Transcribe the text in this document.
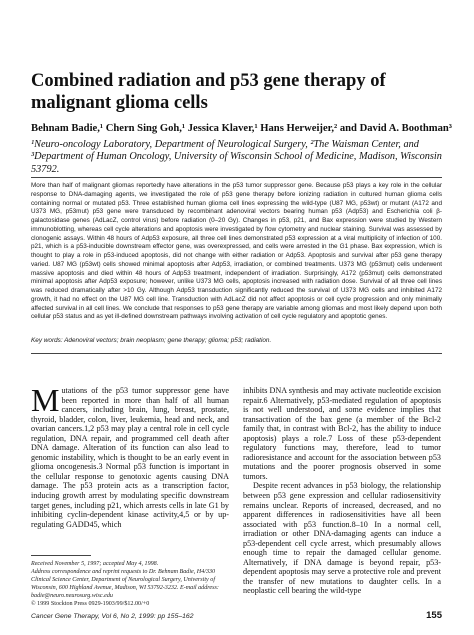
Combined radiation and p53 gene therapy of malignant glioma cells
Behnam Badie,¹ Chern Sing Goh,¹ Jessica Klaver,¹ Hans Herweijer,² and David A. Boothman³
¹Neuro-oncology Laboratory, Department of Neurological Surgery, ²The Waisman Center, and ³Department of Human Oncology, University of Wisconsin School of Medicine, Madison, Wisconsin 53792.
More than half of malignant gliomas reportedly have alterations in the p53 tumor suppressor gene. Because p53 plays a key role in the cellular response to DNA-damaging agents, we investigated the role of p53 gene therapy before ionizing radiation in cultured human glioma cells containing normal or mutated p53. Three established human glioma cell lines expressing the wild-type (U87 MG, p53wt) or mutant (A172 and U373 MG, p53mut) p53 gene were transduced by recombinant adenoviral vectors bearing human p53 (Adp53) and Escherichia coli β-galactosidase genes (AdLacZ, control virus) before radiation (0–20 Gy). Changes in p53, p21, and Bax expression were studied by Western immunoblotting, whereas cell cycle alterations and apoptosis were investigated by flow cytometry and nuclear staining. Survival was assessed by clonogenic assays. Within 48 hours of Adp53 exposure, all three cell lines demonstrated p53 expression at a viral multiplicity of infection of 100. p21, which is a p53-inducible downstream effector gene, was overexpressed, and cells were arrested in the G1 phase. Bax expression, which is thought to play a role in p53-induced apoptosis, did not change with either radiation or Adp53. Apoptosis and survival after p53 gene therapy varied. U87 MG (p53wt) cells showed minimal apoptosis after Adp53, irradiation, or combined treatments. U373 MG (p53mut) cells underwent massive apoptosis and died within 48 hours of Adp53 treatment, independent of irradiation. Surprisingly, A172 (p53mut) cells demonstrated minimal apoptosis after Adp53 exposure; however, unlike U373 MG cells, apoptosis increased with radiation dose. Survival of all three cell lines was reduced dramatically after >10 Gy. Although Adp53 transduction significantly reduced the survival of U373 MG cells and inhibited A172 growth, it had no effect on the U87 MG cell line. Transduction with AdLacZ did not affect apoptosis or cell cycle progression and only minimally affected survival in all cell lines. We conclude that responses to p53 gene therapy are variable among gliomas and most likely depend upon both cellular p53 status and as yet ill-defined downstream pathways involving activation of cell cycle regulatory and apoptotic genes.
Key words: Adenoviral vectors; brain neoplasm; gene therapy; glioma; p53; radiation.

Mutations of the p53 tumor suppressor gene have been reported in more than half of all human cancers, including brain, lung, breast, prostate, thyroid, bladder, colon, liver, leukemia, head and neck, and ovarian cancers.1,2 p53 may play a central role in cell cycle regulation, DNA repair, and programmed cell death after DNA damage. Alteration of its function can also lead to genomic instability, which is thought to be an early event in glioma oncogenesis.3 Normal p53 function is important in the cellular response to genotoxic agents causing DNA damage. The p53 protein acts as a transcription factor, inducing growth arrest by modulating specific downstream target genes, including p21, which arrests cells in late G1 by inhibiting cyclin-dependent kinase activity,4,5 or by up-regulating GADD45, which

inhibits DNA synthesis and may activate nucleotide excision repair.6 Alternatively, p53-mediated regulation of apoptosis is not well understood, and some evidence implies that transactivation of the bax gene (a member of the Bcl-2 family that, in contrast with Bcl-2, has the ability to induce apoptosis) plays a role.7 Loss of these p53-dependent regulatory functions may, therefore, lead to tumor radioresistance and account for the association between p53 mutations and the poorer prognosis observed in some tumors.

Despite recent advances in p53 biology, the relationship between p53 gene expression and cellular radiosensitivity remains unclear. Reports of increased, decreased, and no apparent differences in radiosensitivities have all been associated with p53 function.8–10 In a normal cell, irradiation or other DNA-damaging agents can induce a p53-dependent cell cycle arrest, which presumably allows enough time to repair the damaged cellular genome. Alternatively, if DNA damage is beyond repair, p53-dependent apoptosis may serve a protective role and prevent the transfer of new mutations to daughter cells. In a neoplastic cell bearing the wild-type

Received November 5, 1997; accepted May 4, 1998.
Address correspondence and reprint requests to Dr. Behnam Badie, H4/330 Clinical Science Center, Department of Neurological Surgery, University of Wisconsin, 600 Highland Avenue, Madison, WI 53792-3232. E-mail address: badie@neuro.neurosurg.wisc.edu
© 1999 Stockton Press 0929-1903/99/$12.00/+0
Cancer Gene Therapy, Vol 6, No 2, 1999: pp 155–162	155
